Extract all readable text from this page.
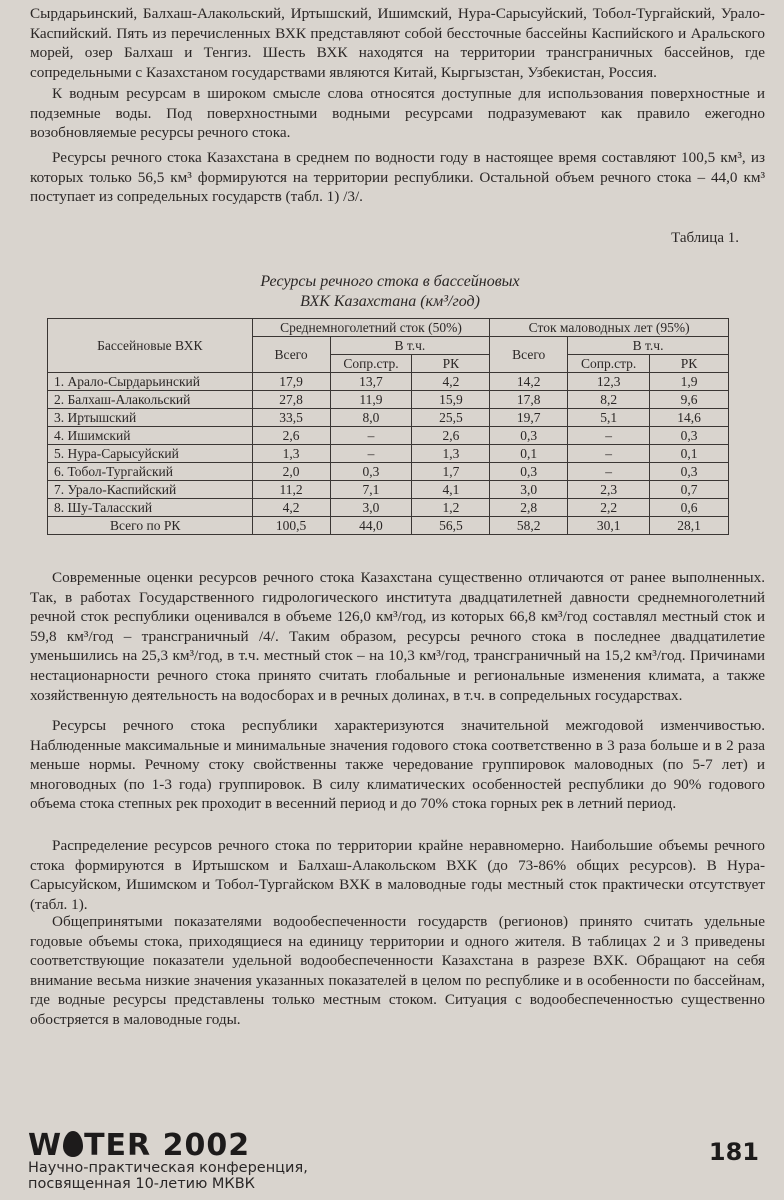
Сырдарьинский, Балхаш-Алакольский, Иртышский, Ишимский, Нура-Сарысуйский, Тобол-Тургайский, Урало-Каспийский. Пять из перечисленных ВХК представляют собой бессточные бассейны Каспийского и Аральского морей, озер Балхаш и Тенгиз. Шесть ВХК находятся на территории трансграничных бассейнов, где сопредельными с Казахстаном государствами являются Китай, Кыргызстан, Узбекистан, Россия.

К водным ресурсам в широком смысле слова относятся доступные для использования поверхностные и подземные воды. Под поверхностными водными ресурсами подразумевают как правило ежегодно возобновляемые ресурсы речного стока.

Ресурсы речного стока Казахстана в среднем по водности году в настоящее время составляют 100,5 км³, из которых только 56,5 км³ формируются на территории республики. Остальной объем речного стока – 44,0 км³ поступает из сопредельных государств (табл. 1) /3/.

Таблица 1.
Ресурсы речного стока в бассейновых
ВХК Казахстана (км³/год)
Бассейновые ВХК	Среднемноголетний сток (50%)			Сток маловодных лет (95%)		
	Всего	В т.ч.		Всего	В т.ч.	
		Сопр.стр.	РК		Сопр.стр.	РК
1. Арало-Сырдарьинский	17,9	13,7	4,2	14,2	12,3	1,9
2. Балхаш-Алакольский	27,8	11,9	15,9	17,8	8,2	9,6
3. Иртышский	33,5	8,0	25,5	19,7	5,1	14,6
4. Ишимский	2,6	–	2,6	0,3	–	0,3
5. Нура-Сарысуйский	1,3	–	1,3	0,1	–	0,1
6. Тобол-Тургайский	2,0	0,3	1,7	0,3	–	0,3
7. Урало-Каспийский	11,2	7,1	4,1	3,0	2,3	0,7
8. Шу-Таласский	4,2	3,0	1,2	2,8	2,2	0,6
Всего по РК	100,5	44,0	56,5	58,2	30,1	28,1

Современные оценки ресурсов речного стока Казахстана существенно отличаются от ранее выполненных. Так, в работах Государственного гидрологического института двадцатилетней давности среднемноголетний речной сток республики оценивался в объеме 126,0 км³/год, из которых 66,8 км³/год составлял местный сток и 59,8 км³/год – трансграничный /4/. Таким образом, ресурсы речного стока в последнее двадцатилетие уменьшились на 25,3 км³/год, в т.ч. местный сток – на 10,3 км³/год, трансграничный на 15,2 км³/год. Причинами нестационарности речного стока принято считать глобальные и региональные изменения климата, а также хозяйственную деятельность на водосборах и в речных долинах, в т.ч. в сопредельных государствах.

Ресурсы речного стока республики характеризуются значительной межгодовой изменчивостью. Наблюденные максимальные и минимальные значения годового стока соответственно в 3 раза больше и в 2 раза меньше нормы. Речному стоку свойственны также чередование группировок маловодных (по 5-7 лет) и многоводных (по 1-3 года) группировок. В силу климатических особенностей республики до 90% годового объема стока степных рек проходит в весенний период и до 70% стока горных рек в летний период.

Распределение ресурсов речного стока по территории крайне неравномерно. Наибольшие объемы речного стока формируются в Иртышском и Балхаш-Алакольском ВХК (до 73-86% общих ресурсов). В Нура-Сарысуйском, Ишимском и Тобол-Тургайском ВХК в маловодные годы местный сток практически отсутствует (табл. 1).

Общепринятыми показателями водообеспеченности государств (регионов) принято считать удельные годовые объемы стока, приходящиеся на единицу территории и одного жителя. В таблицах 2 и 3 приведены соответствующие показатели удельной водообеспеченности Казахстана в разрезе ВХК. Обращают на себя внимание весьма низкие значения указанных показателей в целом по республике и в особенности по бассейнам, где водные ресурсы представлены только местным стоком. Ситуация с водообеспеченностью существенно обостряется в маловодные годы.

W TER 2002
Научно-практическая конференция,
посвященная 10-летию МКВК
181
